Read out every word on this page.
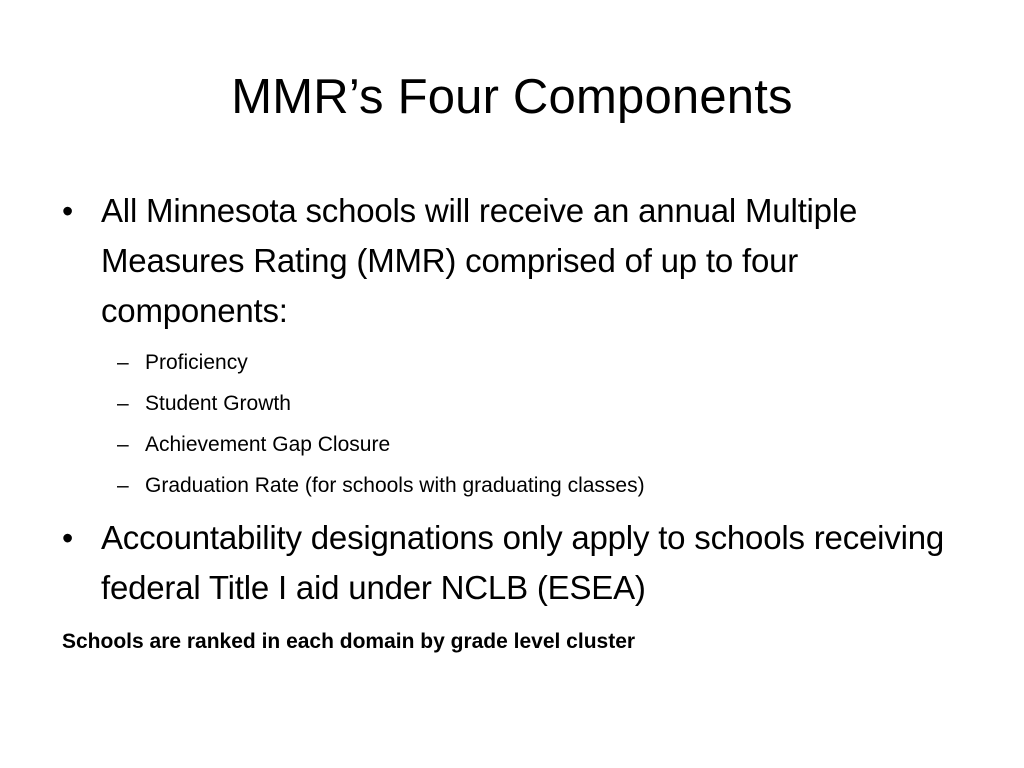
MMR’s Four Components
• All Minnesota schools will receive an annual Multiple Measures Rating (MMR) comprised of up to four components:
– Proficiency
– Student Growth
– Achievement Gap Closure
– Graduation Rate (for schools with graduating classes)
• Accountability designations only apply to schools receiving federal Title I aid under NCLB (ESEA)
Schools are ranked in each domain by grade level cluster
